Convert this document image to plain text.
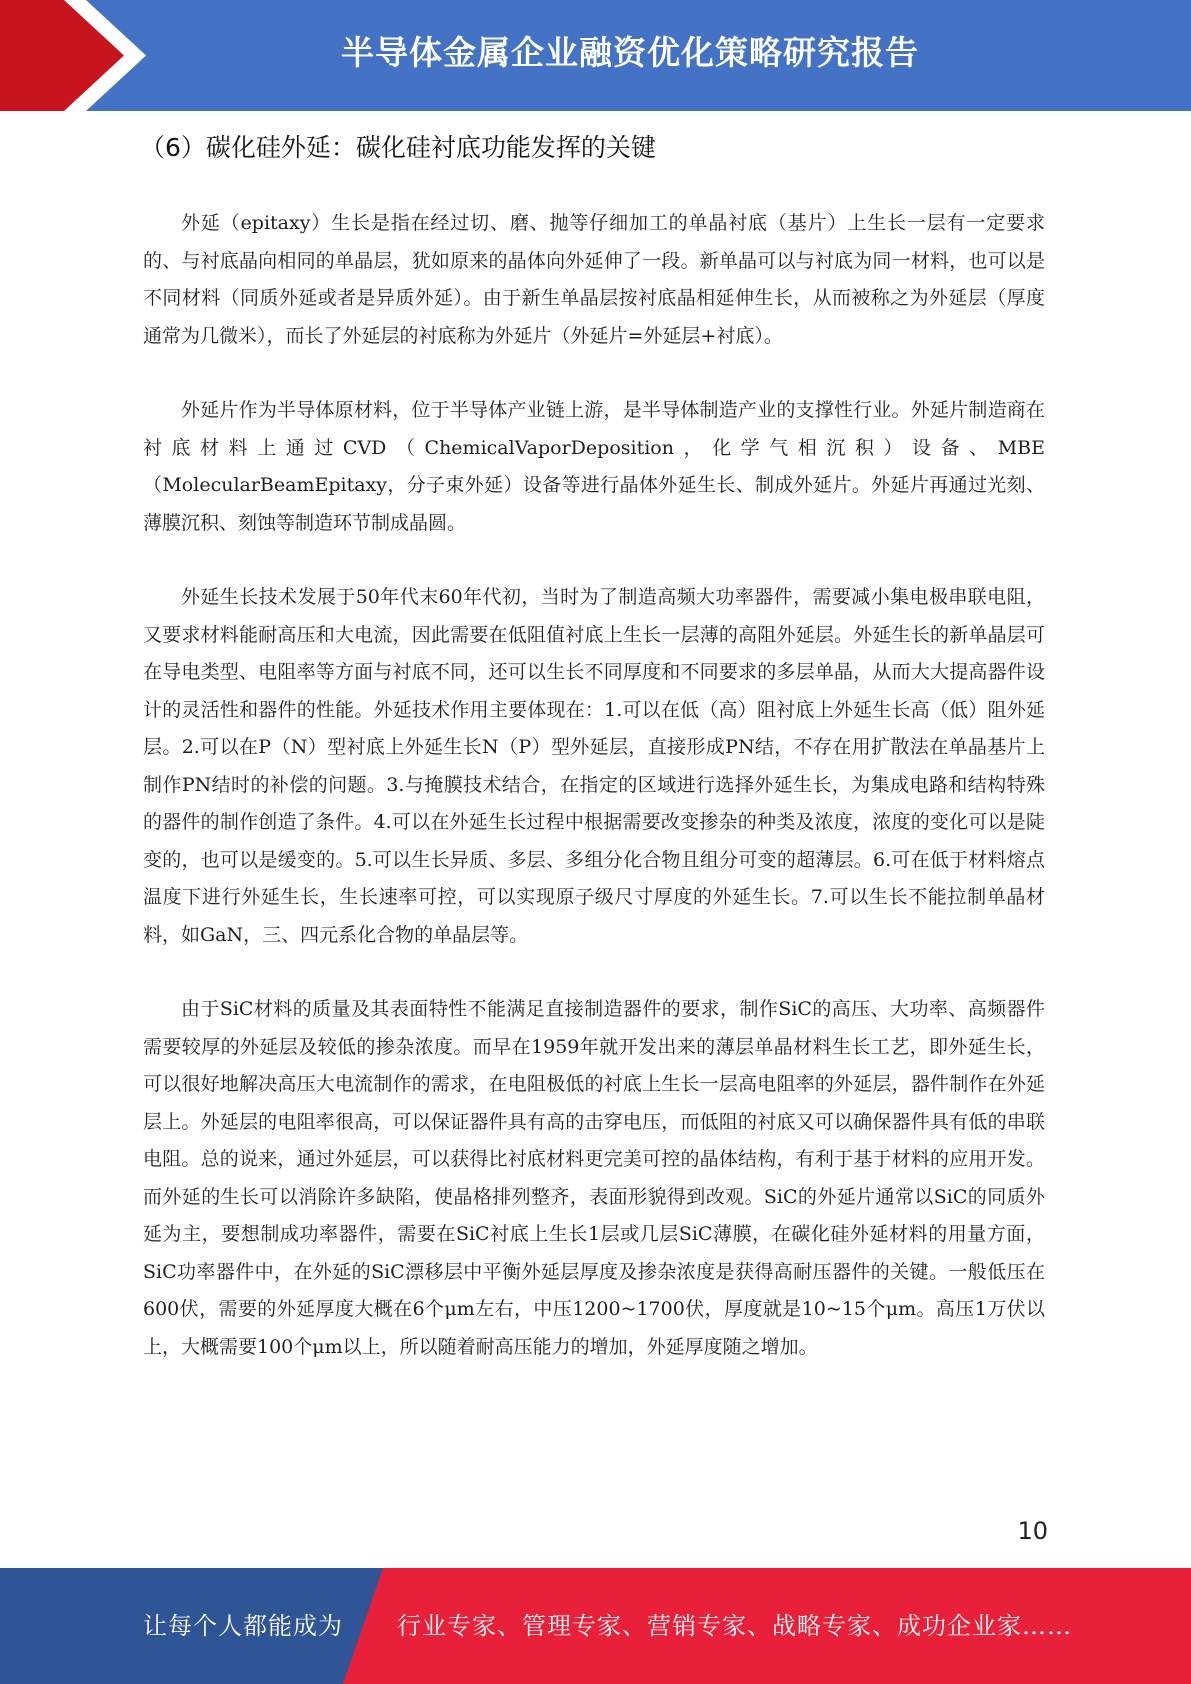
半导体金属企业融资优化策略研究报告
（6）碳化硅外延：碳化硅衬底功能发挥的关键

外延（epitaxy）生长是指在经过切、磨、抛等仔细加工的单晶衬底（基片）上生长一层有一定要求的、与衬底晶向相同的单晶层，犹如原来的晶体向外延伸了一段。新单晶可以与衬底为同一材料，也可以是不同材料（同质外延或者是异质外延）。由于新生单晶层按衬底晶相延伸生长，从而被称之为外延层（厚度通常为几微米），而长了外延层的衬底称为外延片（外延片=外延层+衬底）。

外延片作为半导体原材料，位于半导体产业链上游，是半导体制造产业的支撑性行业。外延片制造商在衬底材料上通过CVD（ChemicalVaporDeposition，化学气相沉积）设备、MBE（MolecularBeamEpitaxy，分子束外延）设备等进行晶体外延生长、制成外延片。外延片再通过光刻、薄膜沉积、刻蚀等制造环节制成晶圆。

外延生长技术发展于50年代末60年代初，当时为了制造高频大功率器件，需要减小集电极串联电阻，又要求材料能耐高压和大电流，因此需要在低阻值衬底上生长一层薄的高阻外延层。外延生长的新单晶层可在导电类型、电阻率等方面与衬底不同，还可以生长不同厚度和不同要求的多层单晶，从而大大提高器件设计的灵活性和器件的性能。外延技术作用主要体现在：1.可以在低（高）阻衬底上外延生长高（低）阻外延层。2.可以在P（N）型衬底上外延生长N（P）型外延层，直接形成PN结，不存在用扩散法在单晶基片上制作PN结时的补偿的问题。3.与掩膜技术结合，在指定的区域进行选择外延生长，为集成电路和结构特殊的器件的制作创造了条件。4.可以在外延生长过程中根据需要改变掺杂的种类及浓度，浓度的变化可以是陡变的，也可以是缓变的。5.可以生长异质、多层、多组分化合物且组分可变的超薄层。6.可在低于材料熔点温度下进行外延生长，生长速率可控，可以实现原子级尺寸厚度的外延生长。7.可以生长不能拉制单晶材料，如GaN，三、四元系化合物的单晶层等。

由于SiC材料的质量及其表面特性不能满足直接制造器件的要求，制作SiC的高压、大功率、高频器件需要较厚的外延层及较低的掺杂浓度。而早在1959年就开发出来的薄层单晶材料生长工艺，即外延生长，可以很好地解决高压大电流制作的需求，在电阻极低的衬底上生长一层高电阻率的外延层，器件制作在外延层上。外延层的电阻率很高，可以保证器件具有高的击穿电压，而低阻的衬底又可以确保器件具有低的串联电阻。总的说来，通过外延层，可以获得比衬底材料更完美可控的晶体结构，有利于基于材料的应用开发。而外延的生长可以消除许多缺陷，使晶格排列整齐，表面形貌得到改观。SiC的外延片通常以SiC的同质外延为主，要想制成功率器件，需要在SiC衬底上生长1层或几层SiC薄膜，在碳化硅外延材料的用量方面，SiC功率器件中，在外延的SiC漂移层中平衡外延层厚度及掺杂浓度是获得高耐压器件的关键。一般低压在600伏，需要的外延厚度大概在6个μm左右，中压1200~1700伏，厚度就是10~15个μm。高压1万伏以上，大概需要100个μm以上，所以随着耐高压能力的增加，外延厚度随之增加。

10
让每个人都能成为 行业专家、管理专家、营销专家、战略专家、成功企业家……
